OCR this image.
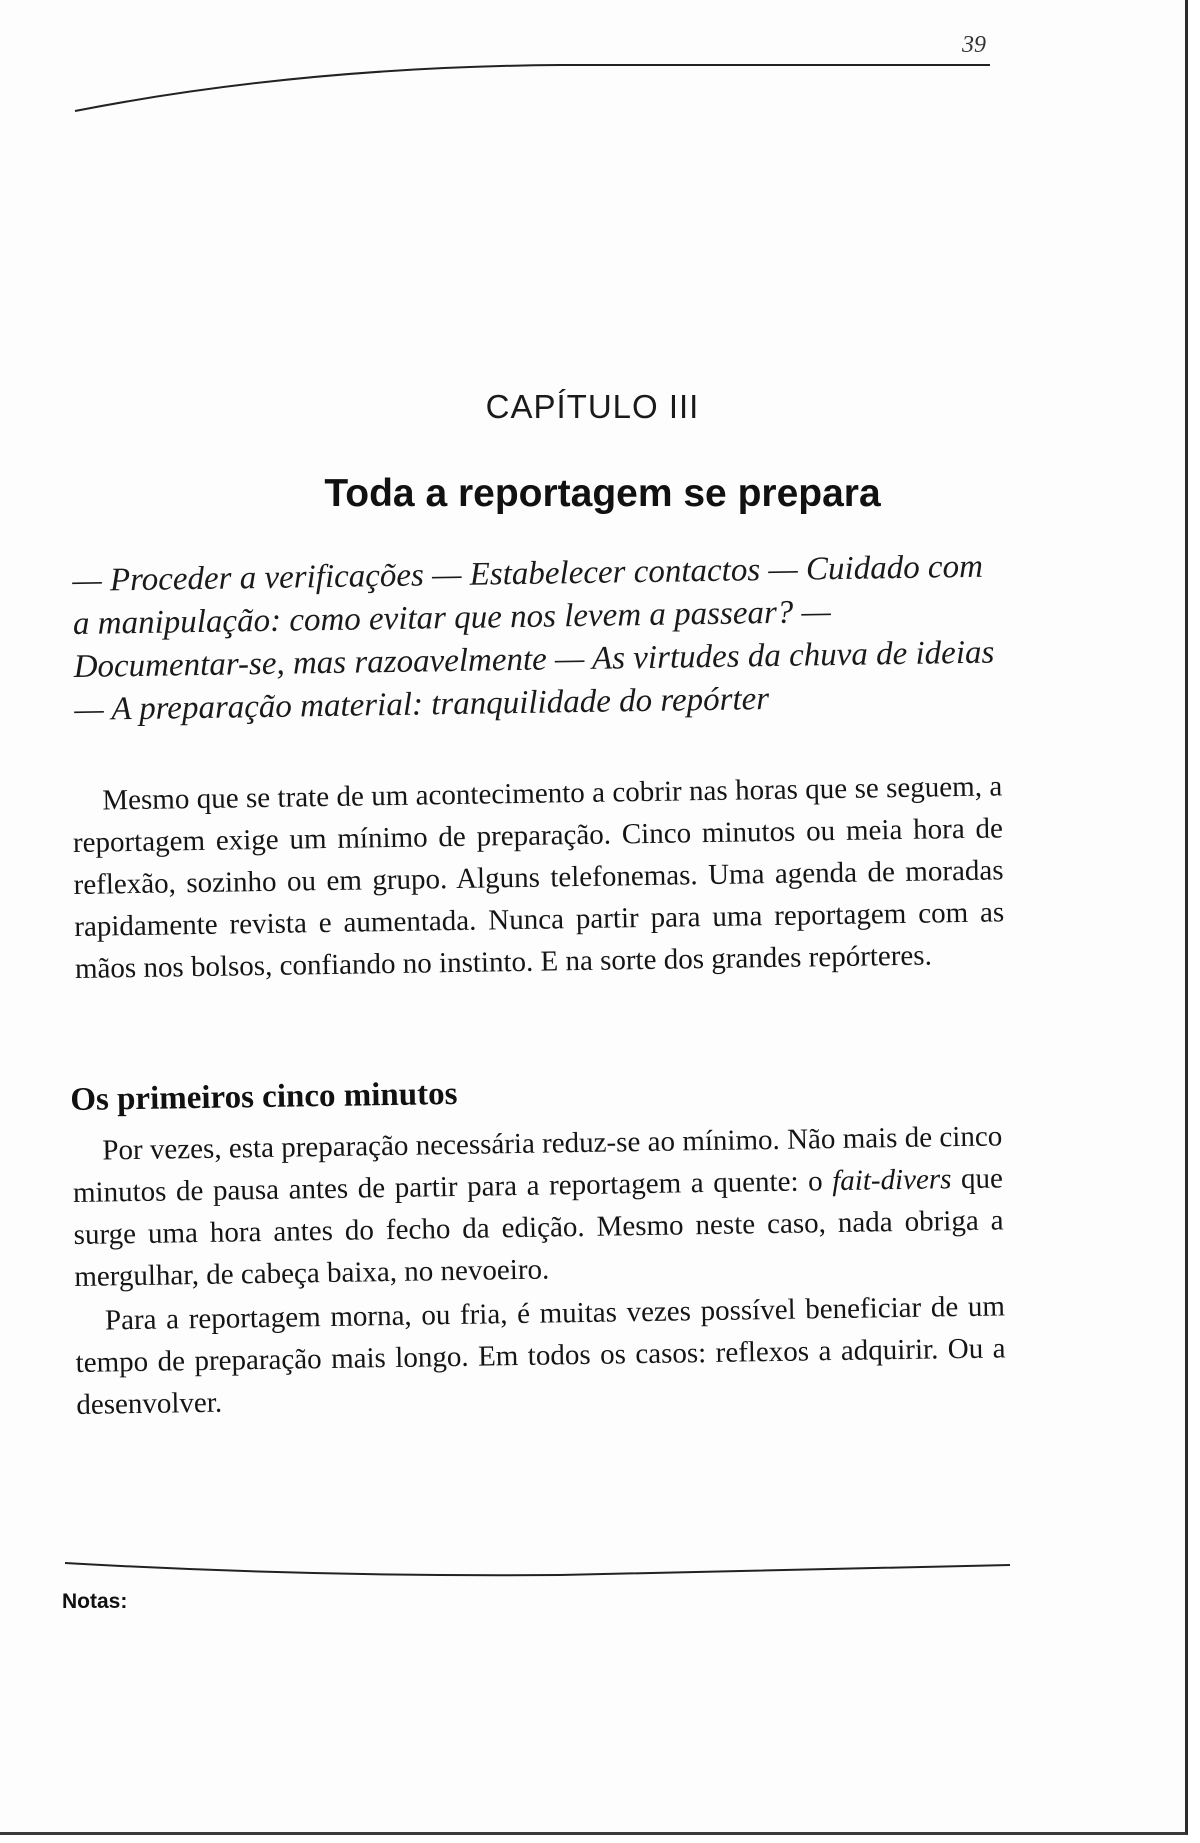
39
CAPÍTULO III
Toda a reportagem se prepara

— Proceder a verificações — Estabelecer contactos — Cuidado com a manipulação: como evitar que nos levem a passear? — Documentar-se, mas razoavelmente — As virtudes da chuva de ideias — A preparação material: tranquilidade do repórter

Mesmo que se trate de um acontecimento a cobrir nas horas que se seguem, a reportagem exige um mínimo de preparação. Cinco minutos ou meia hora de reflexão, sozinho ou em grupo. Alguns telefonemas. Uma agenda de moradas rapidamente revista e aumentada. Nunca partir para uma reportagem com as mãos nos bolsos, confiando no instinto. E na sorte dos grandes repórteres.

Os primeiros cinco minutos

Por vezes, esta preparação necessária reduz-se ao mínimo. Não mais de cinco minutos de pausa antes de partir para a reportagem a quente: o fait-divers que surge uma hora antes do fecho da edição. Mesmo neste caso, nada obriga a mergulhar, de cabeça baixa, no nevoeiro.

Para a reportagem morna, ou fria, é muitas vezes possível beneficiar de um tempo de preparação mais longo. Em todos os casos: reflexos a adquirir. Ou a desenvolver.

Notas:
